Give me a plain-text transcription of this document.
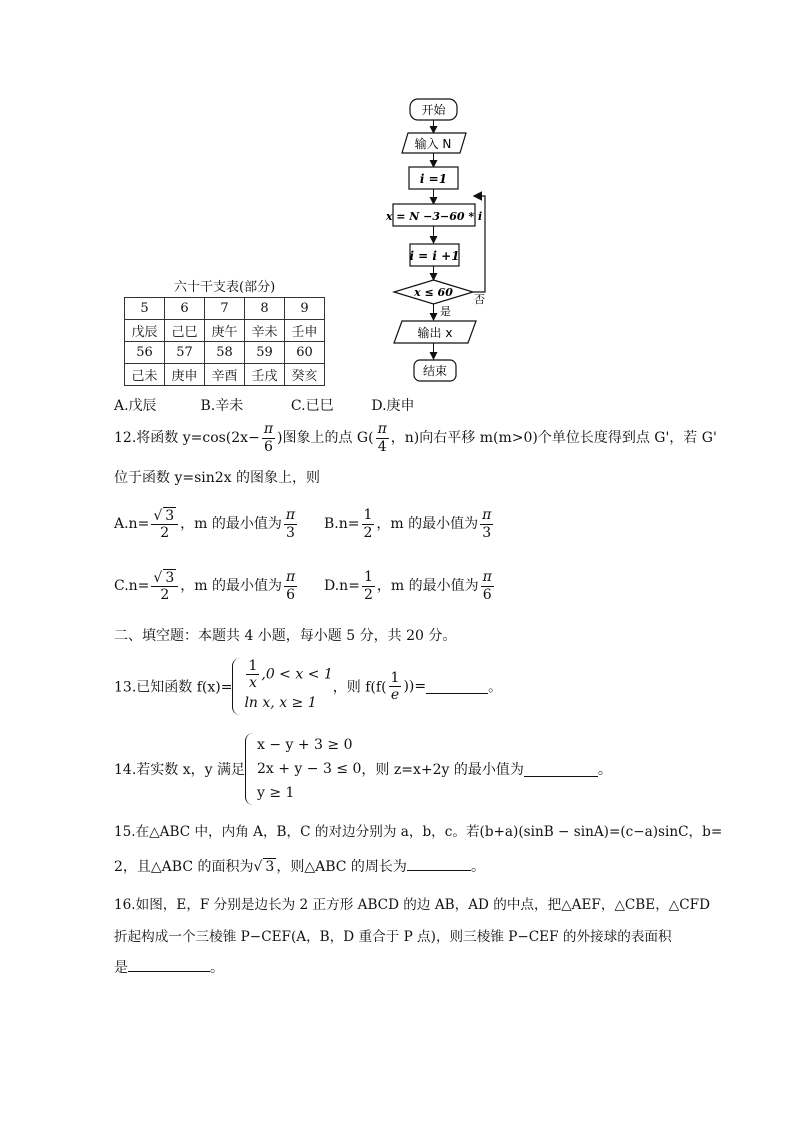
开始
输入 N
i =1
x = N −3−60 * i
i = i +1
x ≤ 60
否
是
输出 x
结束
六十干支表(部分)
5	6	7	8	9
戊辰	己巳	庚午	辛未	壬申
56	57	58	59	60
己未	庚申	辛酉	壬戌	癸亥
A.戊辰	B.辛未	C.已巳	D.庚申
12.将函数 $y=\cos(2x- \frac{\pi}{6}$ )图象上的点 $G( \frac{\pi}{4}$ ，n)向右平移 m(m>0)个单位长度得到点 G'，若 G'
位于函数 y=sin2x 的图象上，则
$A.n= \frac{√ 3}{2}$ ，m 的最小值为 $\frac{\pi}{3} B.n= \frac{1}{2}$ ，m 的最小值为 $\frac{\pi}{3}$
$C.n= \frac{√ 3}{2}$ ，m 的最小值为 $\frac{\pi}{6} D.n= \frac{1}{2}$ ，m 的最小值为 $\frac{\pi}{6}$
二、填空题：本题共 4 小题，每小题 5 分，共 20 分。
13.已知函数 $f(x)= \frac{1}{x} ,0 < x < 1$
ln x, x ≥ 1
，则 $f(f( \frac{1}{e}$ ))=	。
14.若实数 x，y 满足
x − y + 3 ≥ 0
2x + y − 3 ≤ 0
y ≥ 1
，则 z=x+2y 的最小值为	。
15.在△ABC 中，内角 A，B，C 的对边分别为 a，b，c。若(b+a)(sinB − sinA)=(c−a)sinC，b=
2，且△ABC 的面积为√ 3 ，则△ABC 的周长为	。
16.如图，E，F 分别是边长为 2 正方形 ABCD 的边 AB，AD 的中点，把△AEF，△CBE，△CFD
折起构成一个三棱锥 P−CEF(A，B，D 重合于 P 点)，则三棱锥 P−CEF 的外接球的表面积
是	。
